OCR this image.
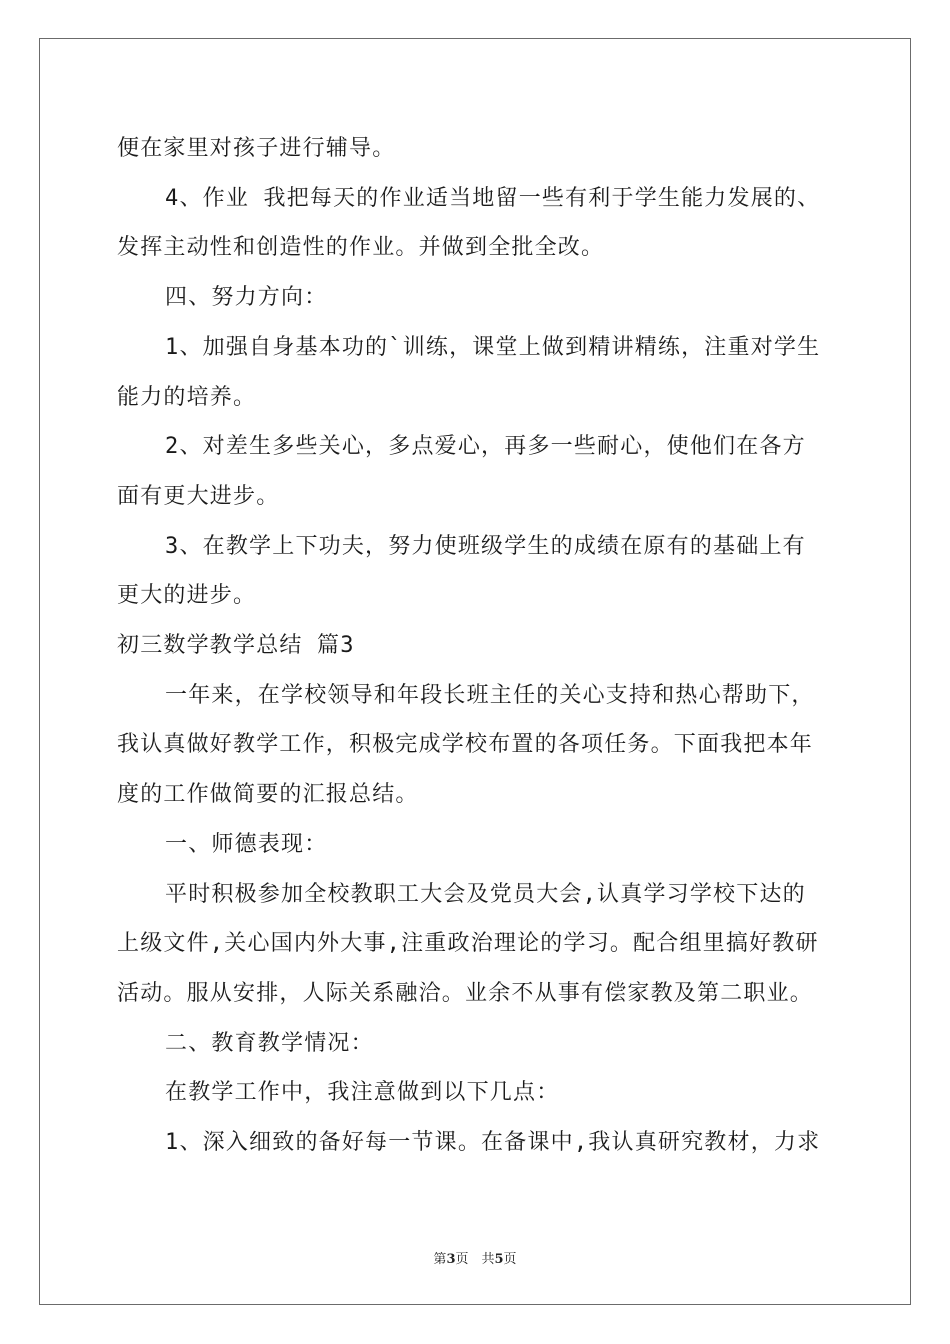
便在家里对孩子进行辅导。
4、作业 我把每天的作业适当地留一些有利于学生能力发展的、
发挥主动性和创造性的作业。并做到全批全改。
四、努力方向：
1、加强自身基本功的`训练，课堂上做到精讲精练，注重对学生
能力的培养。
2、对差生多些关心，多点爱心，再多一些耐心，使他们在各方
面有更大进步。
3、在教学上下功夫，努力使班级学生的成绩在原有的基础上有
更大的进步。
初三数学教学总结 篇3
一年来，在学校领导和年段长班主任的关心支持和热心帮助下，
我认真做好教学工作，积极完成学校布置的各项任务。下面我把本年
度的工作做简要的汇报总结。
一、师德表现：
平时积极参加全校教职工大会及党员大会,认真学习学校下达的
上级文件,关心国内外大事,注重政治理论的学习。配合组里搞好教研
活动。服从安排，人际关系融洽。业余不从事有偿家教及第二职业。
二、教育教学情况：
在教学工作中，我注意做到以下几点：
1、深入细致的备好每一节课。在备课中,我认真研究教材，力求
第3页　共5页
